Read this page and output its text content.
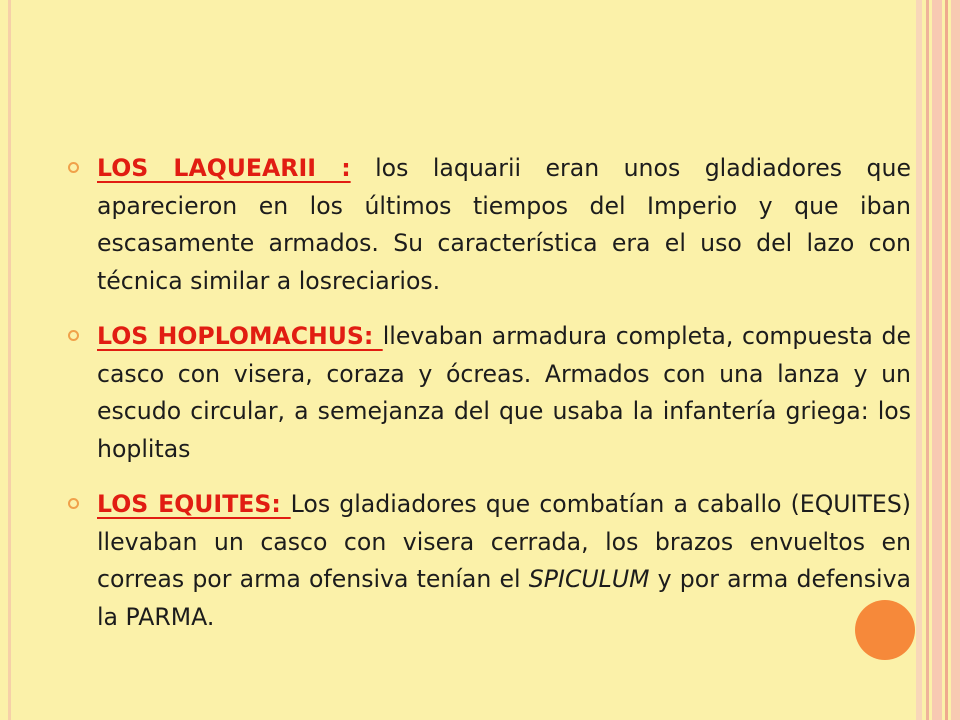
LOS LAQUEARII : los laquarii eran unos gladiadores que aparecieron en los últimos tiempos del Imperio y que iban escasamente armados. Su característica era el uso del lazo con técnica similar a losreciarios.
LOS HOPLOMACHUS: llevaban armadura completa, compuesta de casco con visera, coraza y ócreas. Armados con una lanza y un escudo circular, a semejanza del que usaba la infantería griega: los hoplitas
LOS EQUITES: Los gladiadores que combatían a caballo (EQUITES) llevaban un casco con visera cerrada, los brazos envueltos en correas por arma ofensiva tenían el SPICULUM y por arma defensiva la PARMA.
